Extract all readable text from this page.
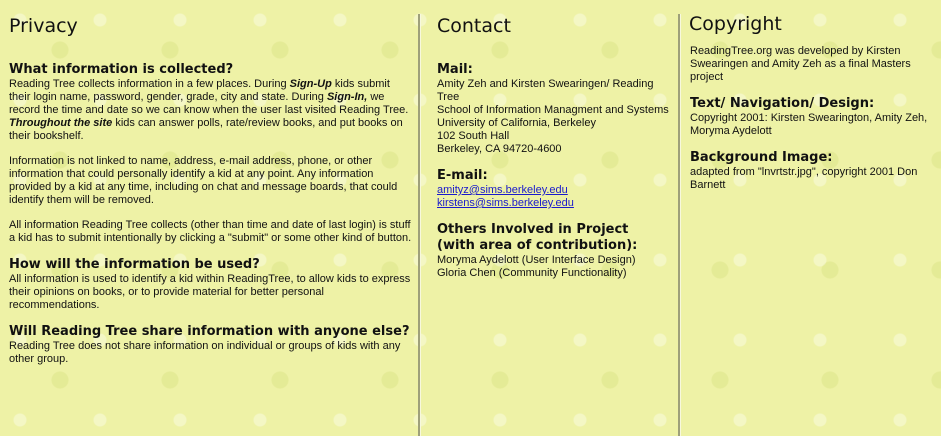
Privacy
What information is collected?

Reading Tree collects information in a few places. During Sign-Up kids submit their login name, password, gender, grade, city and state. During Sign-In, we record the time and date so we can know when the user last visited Reading Tree. Throughout the site kids can answer polls, rate/review books, and put books on their bookshelf.

Information is not linked to name, address, e-mail address, phone, or other information that could personally identify a kid at any point. Any information provided by a kid at any time, including on chat and message boards, that could identify them will be removed.

All information Reading Tree collects (other than time and date of last login) is stuff a kid has to submit intentionally by clicking a "submit" or some other kind of button.

How will the information be used?

All information is used to identify a kid within ReadingTree, to allow kids to express their opinions on books, or to provide material for better personal recommendations.

Will Reading Tree share information with anyone else?

Reading Tree does not share information on individual or groups of kids with any other group.

Contact
Mail:

Amity Zeh and Kirsten Swearingen/ Reading Tree

School of Information Managment and Systems

University of California, Berkeley

102 South Hall

Berkeley, CA 94720-4600

E-mail:

amityz@sims.berkeley.edu

kirstens@sims.berkeley.edu

Others Involved in Project
(with area of contribution):

Moryma Aydelott (User Interface Design)

Gloria Chen (Community Functionality)

Copyright

ReadingTree.org was developed by Kirsten Swearingen and Amity Zeh as a final Masters project

Text/ Navigation/ Design:

Copyright 2001: Kirsten Swearington, Amity Zeh, Moryma Aydelott

Background Image:

adapted from "lnvrtstr.jpg", copyright 2001 Don Barnett
